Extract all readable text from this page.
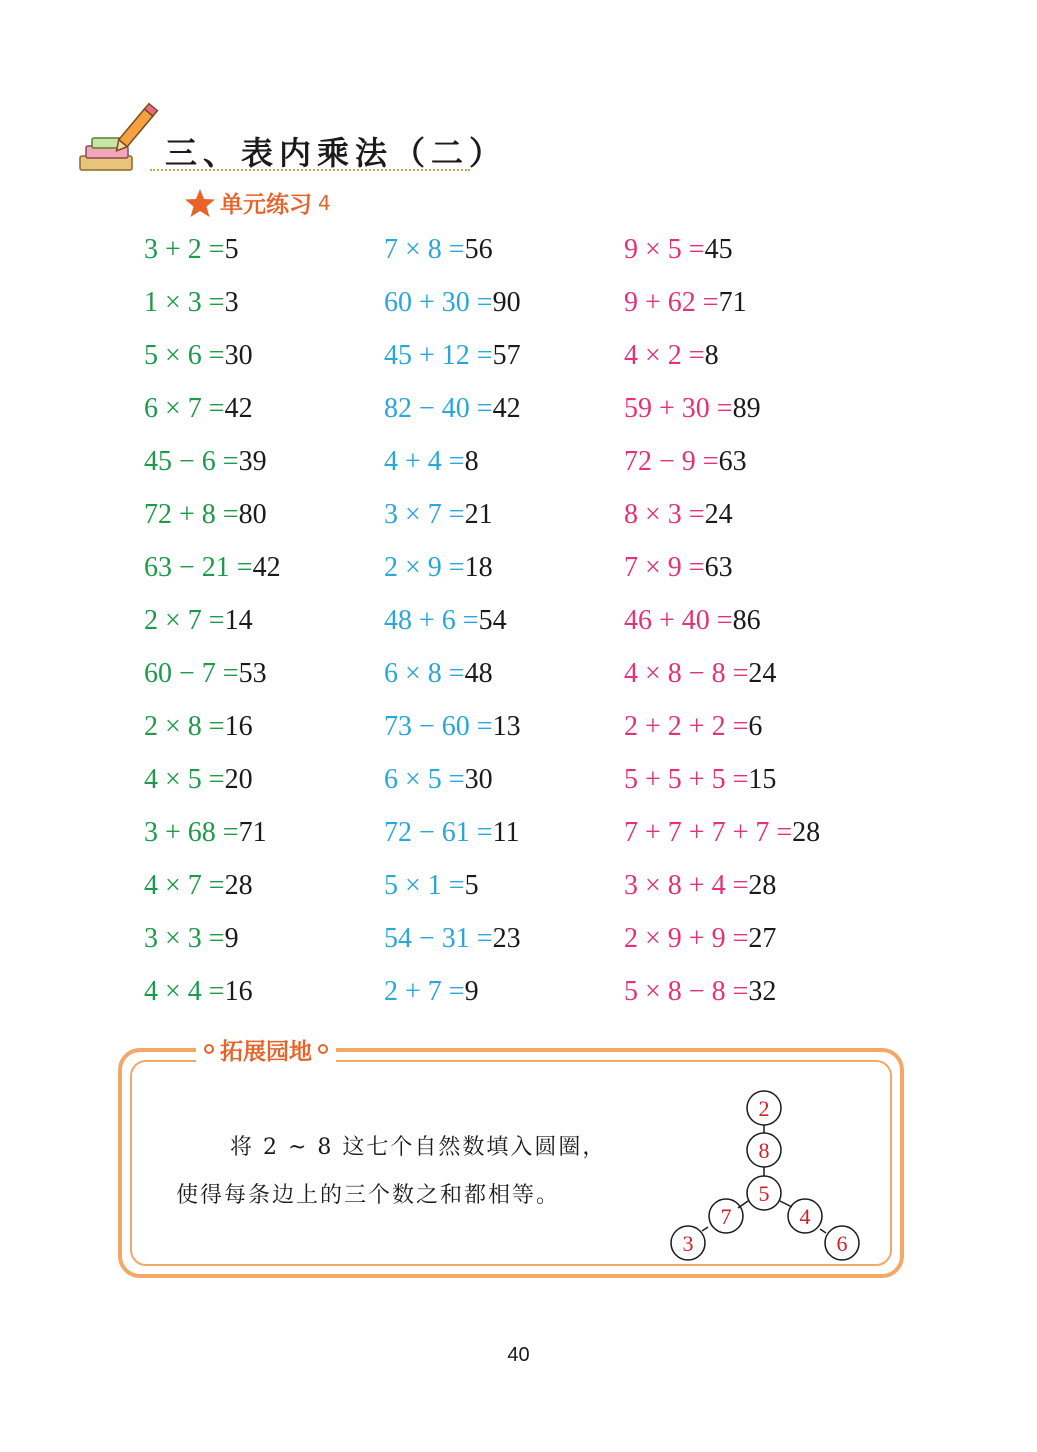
三、表内乘法（二）
单元练习 4
3 + 2 =5
1 × 3 =3
5 × 6 =30
6 × 7 =42
45 − 6 =39
72 + 8 =80
63 − 21 =42
2 × 7 =14
60 − 7 =53
2 × 8 =16
4 × 5 =20
3 + 68 =71
4 × 7 =28
3 × 3 =9
4 × 4 =16
7 × 8 =56
60 + 30 =90
45 + 12 =57
82 − 40 =42
4 + 4 =8
3 × 7 =21
2 × 9 =18
48 + 6 =54
6 × 8 =48
73 − 60 =13
6 × 5 =30
72 − 61 =11
5 × 1 =5
54 − 31 =23
2 + 7 =9
9 × 5 =45
9 + 62 =71
4 × 2 =8
59 + 30 =89
72 − 9 =63
8 × 3 =24
7 × 9 =63
46 + 40 =86
4 × 8 − 8 =24
2 + 2 + 2 =6
5 + 5 + 5 =15
7 + 7 + 7 + 7 =28
3 × 8 + 4 =28
2 × 9 + 9 =27
5 × 8 − 8 =32
拓展园地
将 2 ~ 8 这七个自然数填入圆圈，
使得每条边上的三个数之和都相等。
2
8
5
7
3
4
6
40
